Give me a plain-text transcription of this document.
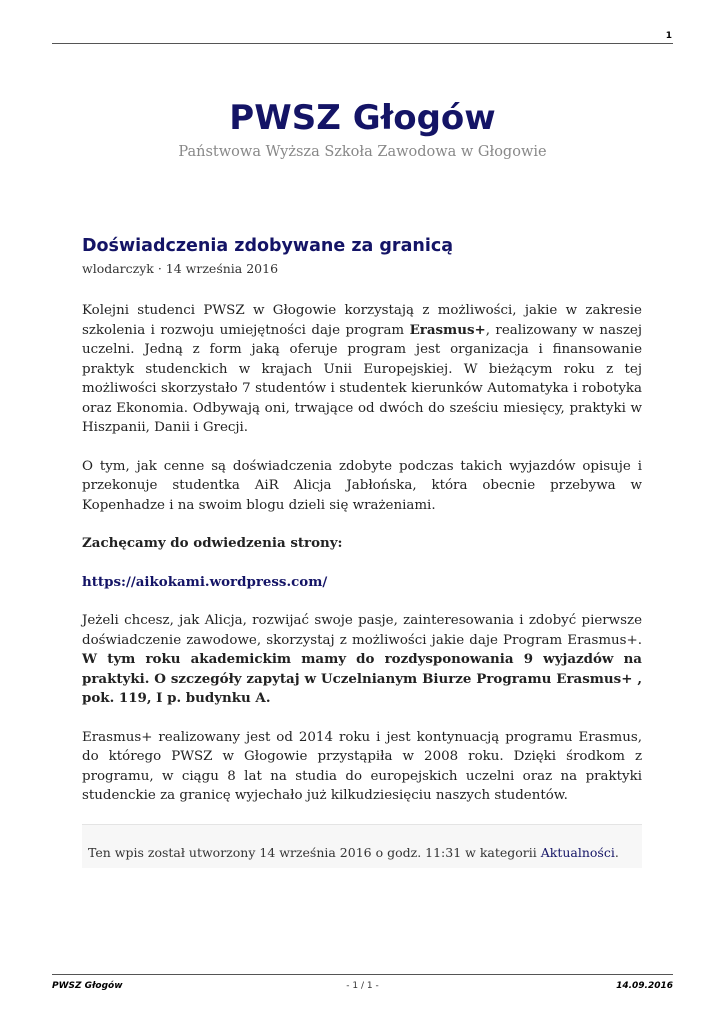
1
PWSZ Głogów
Państwowa Wyższa Szkoła Zawodowa w Głogowie
Doświadczenia zdobywane za granicą
wlodarczyk · 14 września 2016

Kolejni studenci PWSZ w Głogowie korzystają z możliwości, jakie w zakresie szkolenia i rozwoju umiejętności daje program Erasmus+, realizowany w naszej uczelni. Jedną z form jaką oferuje program jest organizacja i finansowanie praktyk studenckich w krajach Unii Europejskiej. W bieżącym roku z tej możliwości skorzystało 7 studentów i studentek kierunków Automatyka i robotyka oraz Ekonomia. Odbywają oni, trwające od dwóch do sześciu miesięcy, praktyki w Hiszpanii, Danii i Grecji.

O tym, jak cenne są doświadczenia zdobyte podczas takich wyjazdów opisuje i przekonuje studentka AiR Alicja Jabłońska, która obecnie przebywa w Kopenhadze i na swoim blogu dzieli się wrażeniami.

Zachęcamy do odwiedzenia strony:

https://aikokami.wordpress.com/

Jeżeli chcesz, jak Alicja, rozwijać swoje pasje, zainteresowania i zdobyć pierwsze doświadczenie zawodowe, skorzystaj z możliwości jakie daje Program Erasmus+. W tym roku akademickim mamy do rozdysponowania 9 wyjazdów na praktyki. O szczegóły zapytaj w Uczelnianym Biurze Programu Erasmus+ , pok. 119, I p. budynku A.

Erasmus+ realizowany jest od 2014 roku i jest kontynuacją programu Erasmus, do którego PWSZ w Głogowie przystąpiła w 2008 roku. Dzięki środkom z programu, w ciągu 8 lat na studia do europejskich uczelni oraz na praktyki studenckie za granicę wyjechało już kilkudziesięciu naszych studentów.

Ten wpis został utworzony 14 września 2016 o godz. 11:31 w kategorii Aktualności.
PWSZ Głogów	- 1 / 1 -	14.09.2016
